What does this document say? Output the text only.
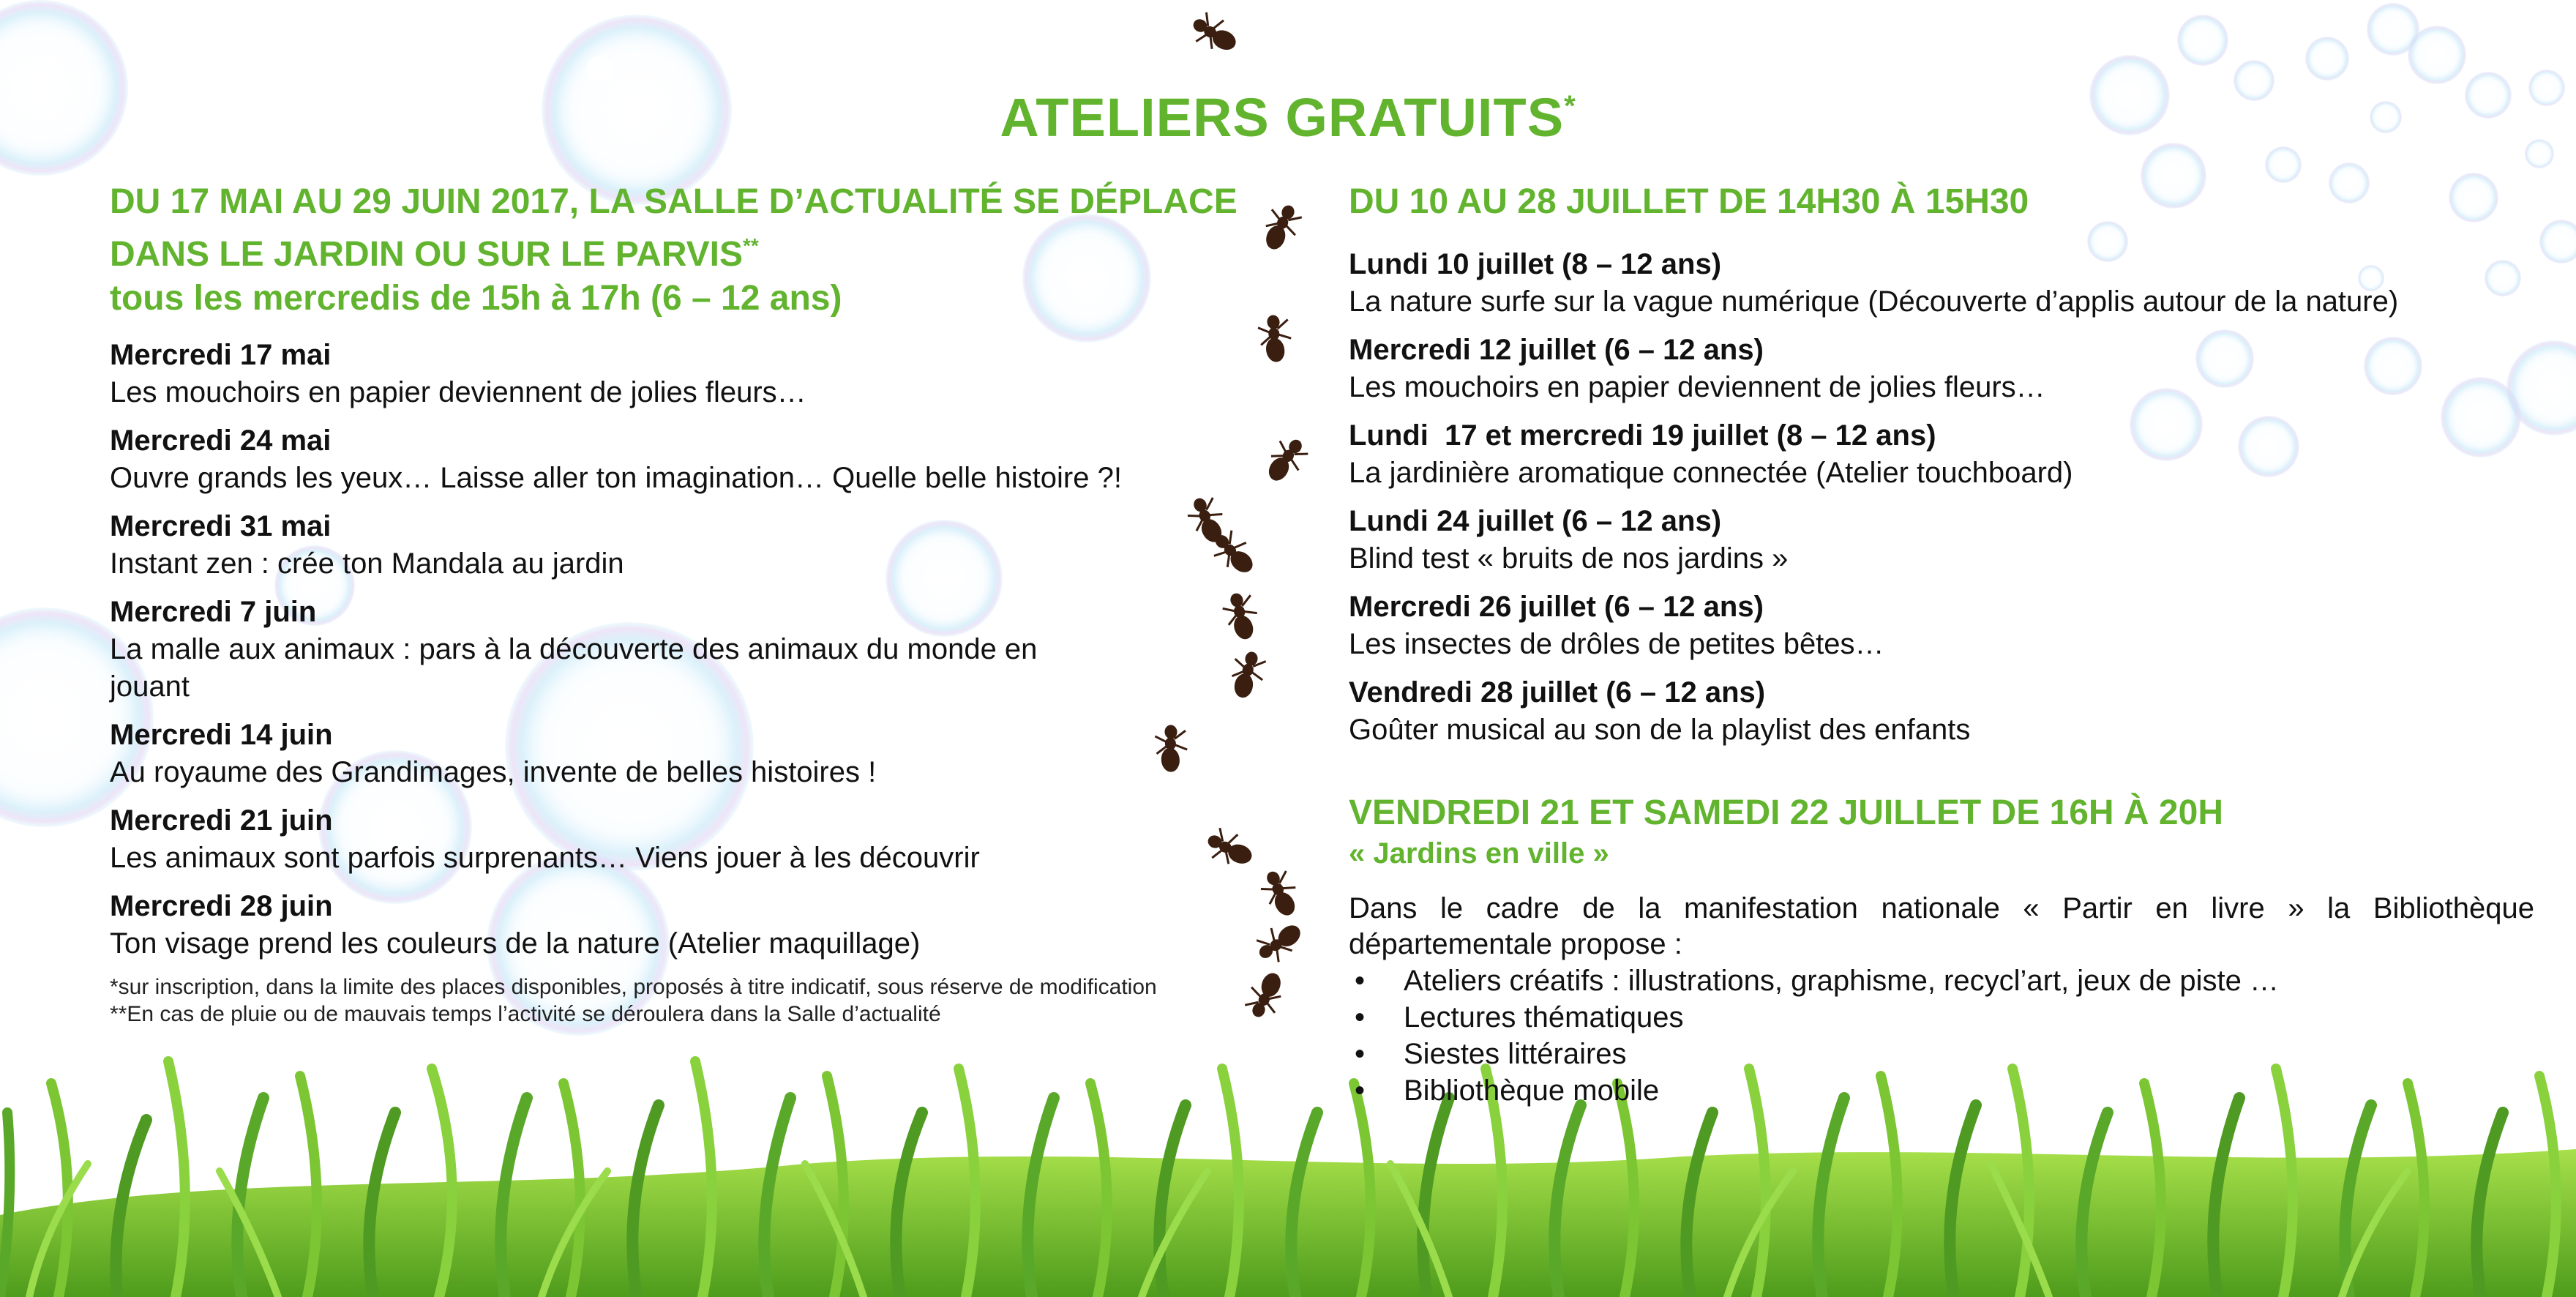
ATELIERS GRATUITS*
DU 17 MAI AU 29 JUIN 2017, LA SALLE D’ACTUALITÉ SE DÉPLACE
DANS LE JARDIN OU SUR LE PARVIS**
tous les mercredis de 15h à 17h (6 – 12 ans)
Mercredi 17 mai
Les mouchoirs en papier deviennent de jolies fleurs…
Mercredi 24 mai
Ouvre grands les yeux… Laisse aller ton imagination… Quelle belle histoire ?!
Mercredi 31 mai
Instant zen : crée ton Mandala au jardin
Mercredi 7 juin
La malle aux animaux : pars à la découverte des animaux du monde en jouant
Mercredi 14 juin
Au royaume des Grandimages, invente de belles histoires !
Mercredi 21 juin
Les animaux sont parfois surprenants… Viens jouer à les découvrir
Mercredi 28 juin
Ton visage prend les couleurs de la nature (Atelier maquillage)
*sur inscription, dans la limite des places disponibles, proposés à titre indicatif, sous réserve de modification
**En cas de pluie ou de mauvais temps l’activité se déroulera dans la Salle d’actualité
DU 10 AU 28 JUILLET DE 14H30 À 15H30
Lundi 10 juillet (8 – 12 ans)
La nature surfe sur la vague numérique (Découverte d’applis autour de la nature)
Mercredi 12 juillet (6 – 12 ans)
Les mouchoirs en papier deviennent de jolies fleurs…
Lundi  17 et mercredi 19 juillet (8 – 12 ans)
La jardinière aromatique connectée (Atelier touchboard)
Lundi 24 juillet (6 – 12 ans)
Blind test « bruits de nos jardins »
Mercredi 26 juillet (6 – 12 ans)
Les insectes de drôles de petites bêtes…
Vendredi 28 juillet (6 – 12 ans)
Goûter musical au son de la playlist des enfants
VENDREDI 21 ET SAMEDI 22 JUILLET DE 16H À 20H
« Jardins en ville »
Dans le cadre de la manifestation nationale « Partir en livre » la Bibliothèque départementale propose :
• Ateliers créatifs : illustrations, graphisme, recycl’art, jeux de piste …
• Lectures thématiques
• Siestes littéraires
• Bibliothèque mobile
